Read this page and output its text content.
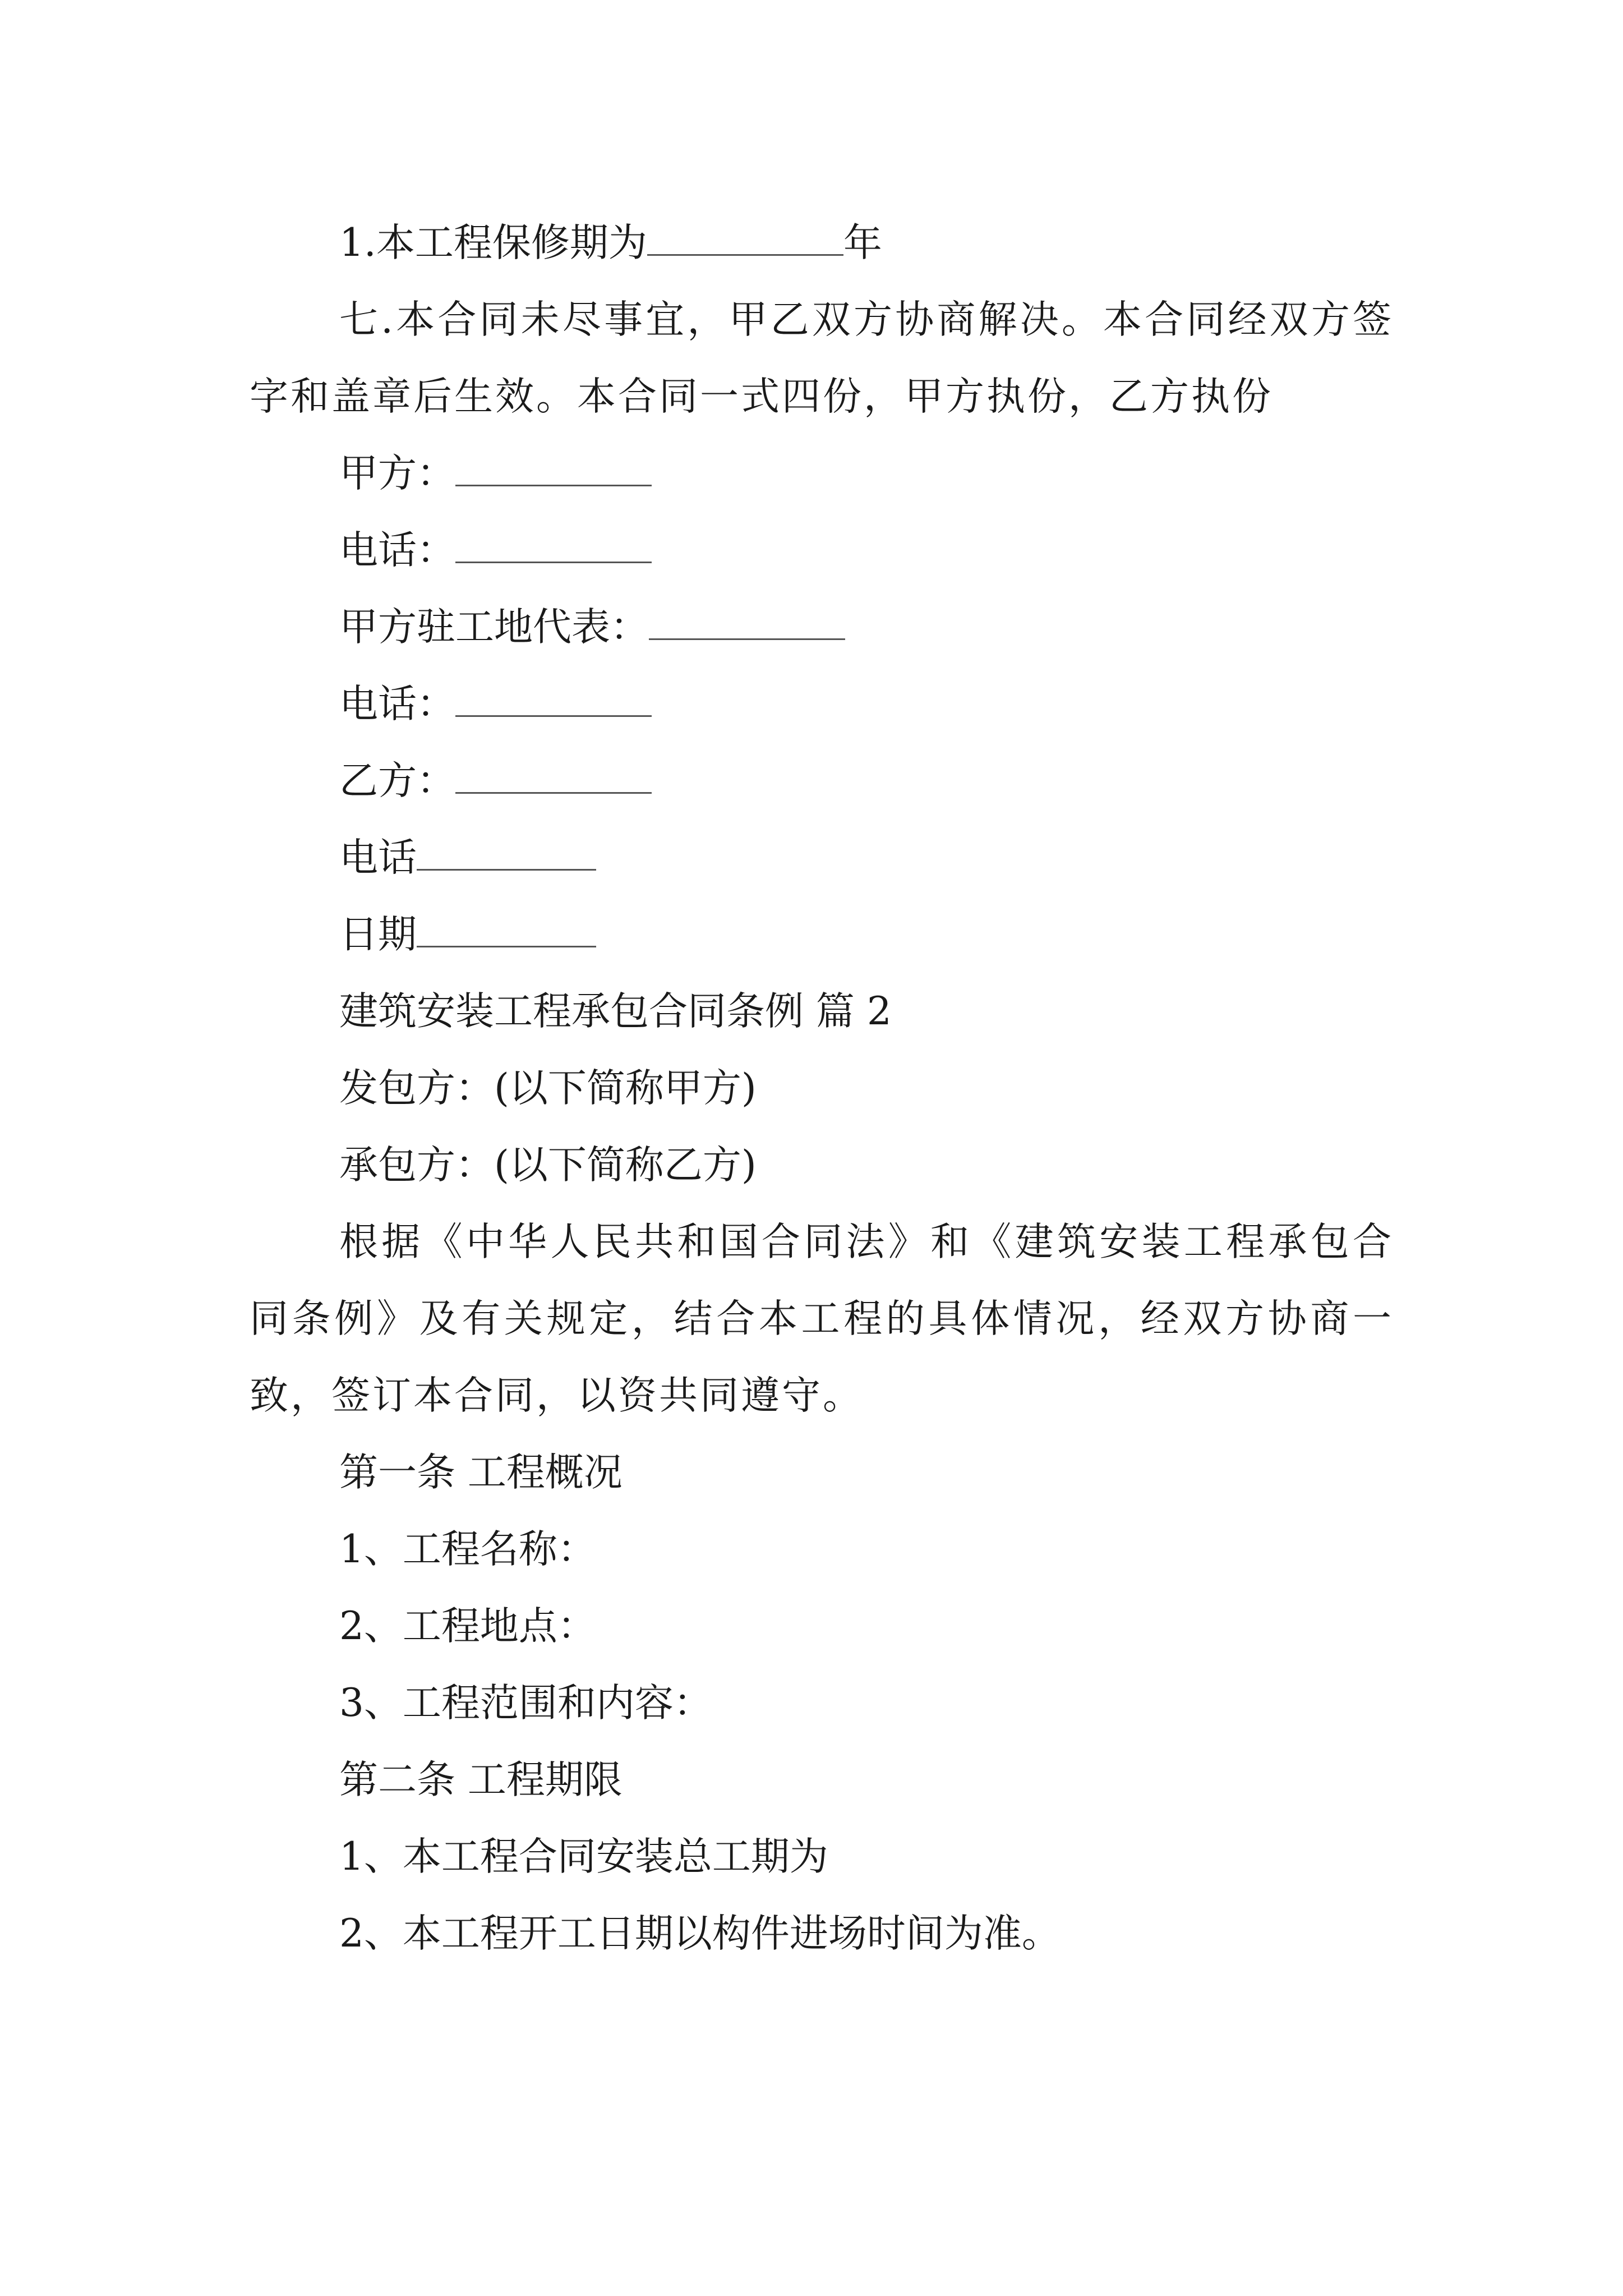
1.本工程保修期为	年
七.本合同未尽事宜，甲乙双方协商解决。本合同经双方签字和盖章后生效。本合同一式四份，甲方执份，乙方执份
甲方：
电话：
甲方驻工地代表：
电话：
乙方：
电话
日期
建筑安装工程承包合同条例 篇 2
发包方：(以下简称甲方)
承包方：(以下简称乙方)
根据《中华人民共和国合同法》和《建筑安装工程承包合同条例》及有关规定，结合本工程的具体情况，经双方协商一致，签订本合同，以资共同遵守。
第一条 工程概况
1、工程名称：
2、工程地点：
3、工程范围和内容：
第二条 工程期限
1、本工程合同安装总工期为
2、本工程开工日期以构件进场时间为准。
